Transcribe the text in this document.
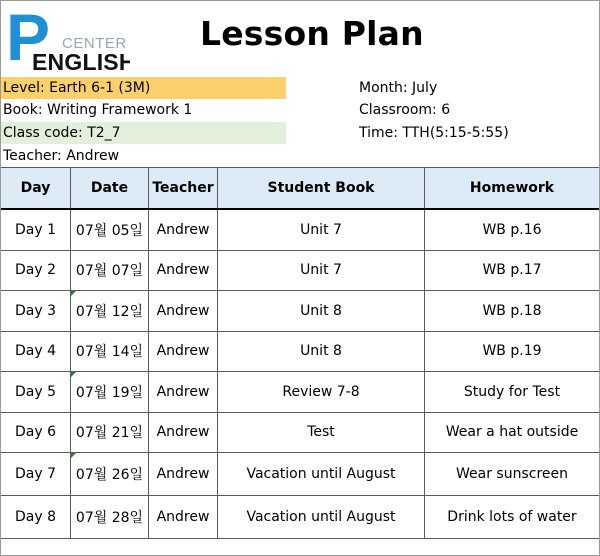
P CENTER
ENGLISH
Lesson Plan
Level: Earth 6-1 (3M)
Book: Writing Framework 1
Class code: T2_7
Teacher: Andrew
Month: July
Classroom: 6
Time: TTH(5:15-5:55)
Day	Date	Teacher	Student Book	Homework
Day 1	07월 05일	Andrew	Unit 7	WB p.16
Day 2	07월 07일	Andrew	Unit 7	WB p.17
Day 3	07월 12일	Andrew	Unit 8	WB p.18
Day 4	07월 14일	Andrew	Unit 8	WB p.19
Day 5	07월 19일	Andrew	Review 7-8	Study for Test
Day 6	07월 21일	Andrew	Test	Wear a hat outside
Day 7	07월 26일	Andrew	Vacation until August	Wear sunscreen
Day 8	07월 28일	Andrew	Vacation until August	Drink lots of water
